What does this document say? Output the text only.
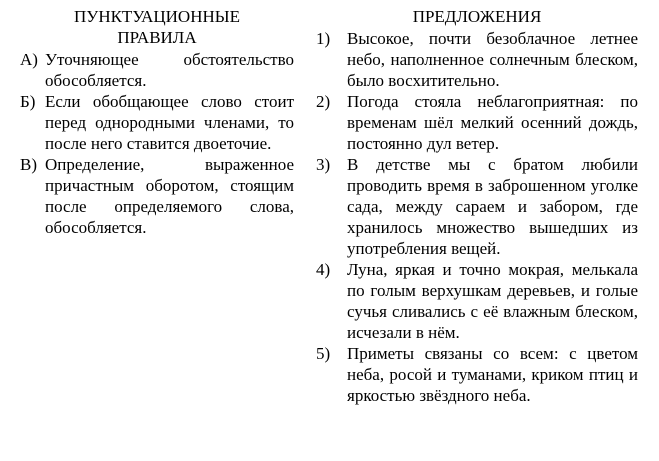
ПУНКТУАЦИОННЫЕ ПРАВИЛА
А) Уточняющее обстоятельство обособляется.
Б) Если обобщающее слово стоит перед однородными членами, то после него ставится двоеточие.
В) Определение, выраженное причастным оборотом, стоящим после определяемого слова, обособляется.
ПРЕДЛОЖЕНИЯ
1) Высокое, почти безоблачное летнее небо, наполненное солнечным блеском, было восхитительно.
2) Погода стояла неблагоприятная: по временам шёл мелкий осенний дождь, постоянно дул ветер.
3) В детстве мы с братом любили проводить время в заброшенном уголке сада, между сараем и забором, где хранилось множество вышедших из употребления вещей.
4) Луна, яркая и точно мокрая, мелькала по голым верхушкам деревьев, и голые сучья сливались с её влажным блеском, исчезали в нём.
5) Приметы связаны со всем: с цветом неба, росой и туманами, криком птиц и яркостью звёздного неба.
